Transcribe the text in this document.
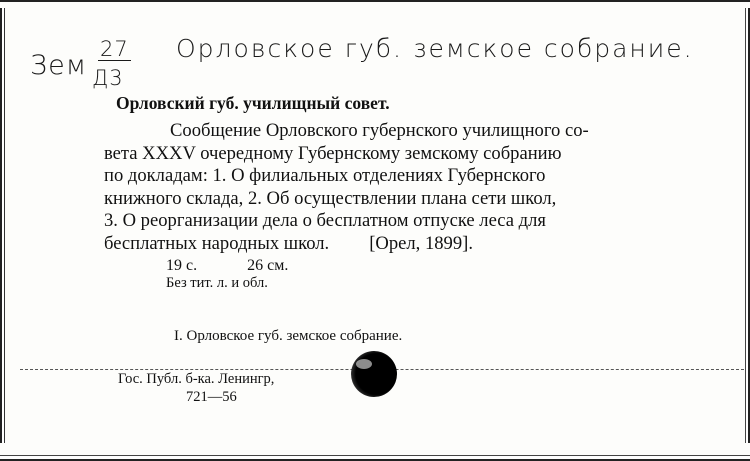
Зем
27
Д3
Орловское губ. земское собрание.
Орловский губ. училищный совет.
Сообщение Орловского губернского училищного со-
вета XXXV очередному Губернскому земскому собранию
по докладам: 1. О филиальных отделениях Губернского
книжного склада, 2. Об осуществлении плана сети школ,
3. О реорганизации дела о бесплатном отпуске леса для
бесплатных народных школ. [Орел, 1899].
19 с.	26 см.
Без тит. л. и обл.
I. Орловское губ. земское собрание.
Гос. Публ. б-ка. Ленингр,
721—56
